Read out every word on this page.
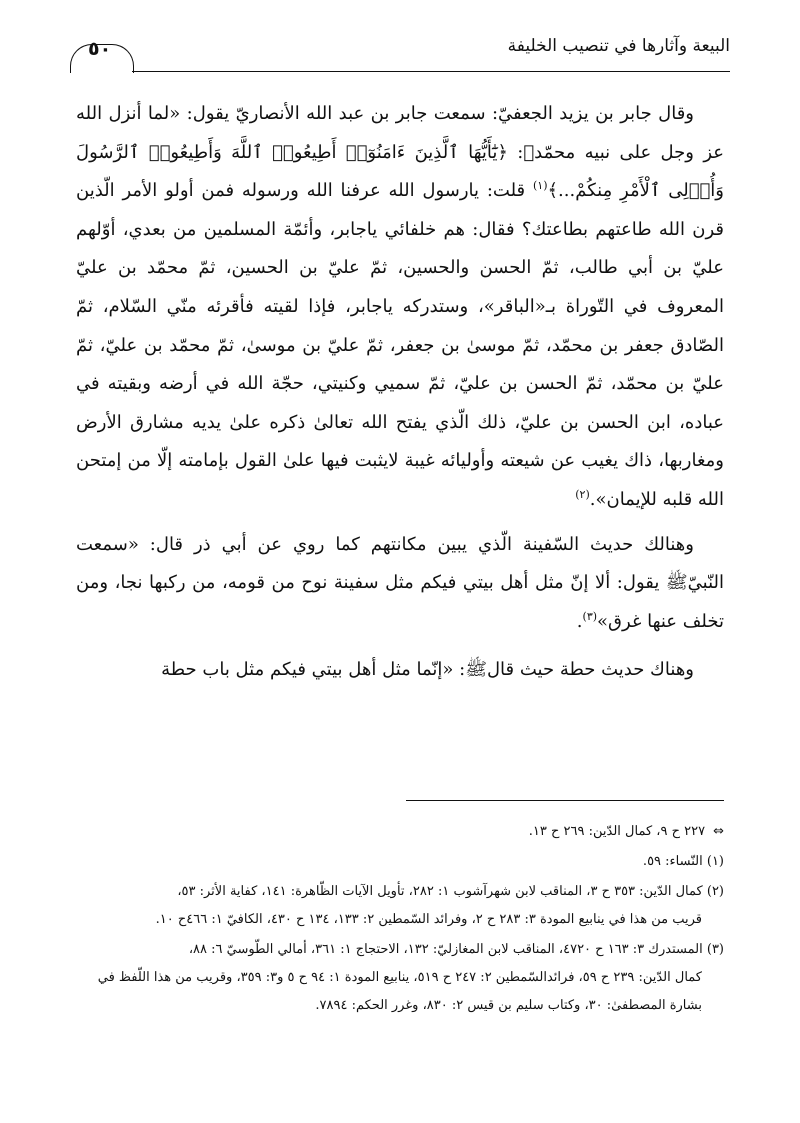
البيعة وآثارها في تنصيب الخليفة
٥٠

وقال جابر بن يزيد الجعفيّ: سمعت جابر بن عبد الله الأنصاريّ يقول: «لما أنزل الله عز وجل على نبيه محمّدﷺ: ﴿يَٰٓأَيُّهَا ٱلَّذِينَ ءَامَنُوٓا۟ أَطِيعُوا۟ ٱللَّهَ وَأَطِيعُوا۟ ٱلرَّسُولَ وَأُو۟لِى ٱلْأَمْرِ مِنكُمْ...﴾$^{(١)}$ قلت: يارسول الله عرفنا الله ورسوله فمن أولو الأمر الّذين قرن الله طاعتهم بطاعتك؟ فقال: هم خلفائي ياجابر، وأئمّة المسلمين من بعدي، أوّلهم عليّ بن أبي طالب، ثمّ الحسن والحسين، ثمّ عليّ بن الحسين، ثمّ محمّد بن عليّ المعروف في التّوراة بـ«الباقر»، وستدركه ياجابر، فإذا لقيته فأقرئه منّي السّلام، ثمّ الصّادق جعفر بن محمّد، ثمّ موسىٰ بن جعفر، ثمّ عليّ بن موسىٰ، ثمّ محمّد بن عليّ، ثمّ عليّ بن محمّد، ثمّ الحسن بن عليّ، ثمّ سميي وكنيتي، حجّة الله في أرضه وبقيته في عباده، ابن الحسن بن عليّ، ذلك الّذي يفتح الله تعالىٰ ذكره علىٰ يديه مشارق الأرض ومغاربها، ذاك يغيب عن شيعته وأوليائه غيبة لايثبت فيها علىٰ القول بإمامته إلّا من إمتحن الله قلبه للإيمان».$^{(٢)}$

وهنالك حديث السّفينة الّذي يبين مكانتهم كما روي عن أبي ذر قال: «سمعت النّبيّﷺ يقول: ألا إنّ مثل أهل بيتي فيكم مثل سفينة نوح من قومه، من ركبها نجا، ومن تخلف عنها غرق»$^{(٣)}$.

وهناك حديث حطة حيث قالﷺ: «إنّما مثل أهل بيتي فيكم مثل باب حطة

⇔٢٢٧ ح ٩، كمال الدّين: ٢٦٩ ح ١٣.

(١) النّساء: ٥٩.

(٢) كمال الدّين: ٣٥٣ ح ٣، المناقب لابن شهرآشوب ١: ٢٨٢، تأويل الآيات الظّاهرة: ١٤١، كفاية الأثر: ٥٣،
قريب من هذا في ينابيع المودة ٣: ٢٨٣ ح ٢، وفرائد السّمطين ٢: ١٣٣، ١٣٤ ح ٤٣٠، الكافيّ ١: ٤٦٦ح ١٠.

(٣) المستدرك ٣: ١٦٣ ح ٤٧٢٠، المناقب لابن المغازليّ: ١٣٢، الاحتجاج ١: ٣٦١، أمالي الطّوسيّ ٦: ٨٨،
كمال الدّين: ٢٣٩ ح ٥٩، فرائدالسّمطين ٢: ٢٤٧ ح ٥١٩، ينابيع المودة ١: ٩٤ ح ٥ و٣: ٣٥٩، وقريب من هذا اللّفظ في بشارة المصطفىٰ: ٣٠، وكتاب سليم بن قيس ٢: ٨٣٠، وغرر الحكم: ٧٨٩٤.
